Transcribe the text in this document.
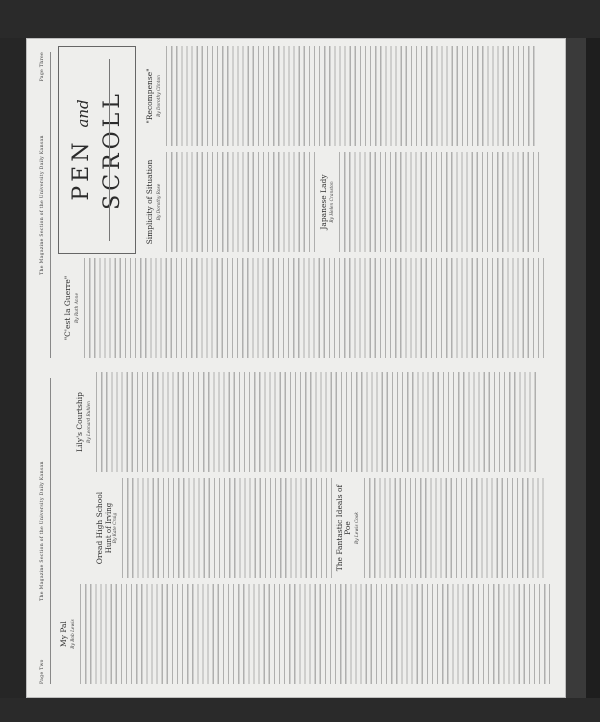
Page Two
The Magazine Section of the University Daily Kansan
My Pal By Bob Lewis
Oread High School Hunt of Irving By Kate Craig	The Fantastic Ideals of Poe By Lewis Cook
Lily's Courtship By Leonard Ruhlen
The Magazine Section of the University Daily Kansan
Page Three
"C'est la Guerre" By Ruth Anne
PEN and SCROLL	Simplicity of Situation By Dorothy Rose	Japanese Lady By Helen Cranston
"Recompense" By Dorothy Clinton
